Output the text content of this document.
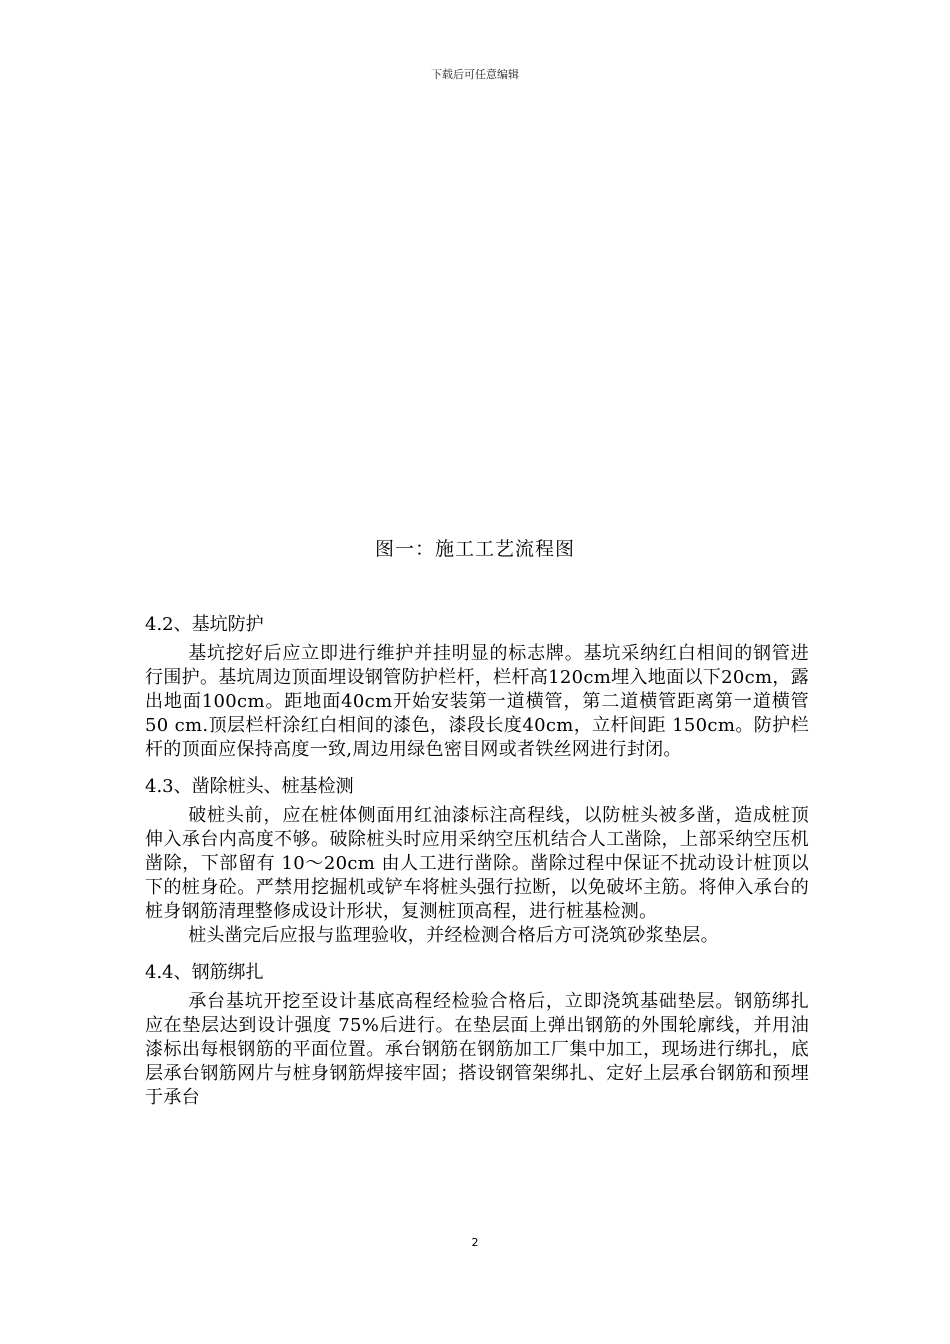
下载后可任意编辑
图一：施工工艺流程图
4.2、基坑防护

基坑挖好后应立即进行维护并挂明显的标志牌。基坑采纳红白相间的钢管进行围护。基坑周边顶面埋设钢管防护栏杆，栏杆高120cm埋入地面以下20cm，露出地面100cm。距地面40cm开始安装第一道横管，第二道横管距离第一道横管 50 cm.顶层栏杆涂红白相间的漆色，漆段长度40cm，立杆间距 150cm。防护栏杆的顶面应保持高度一致,周边用绿色密目网或者铁丝网进行封闭。

4.3、凿除桩头、桩基检测

破桩头前，应在桩体侧面用红油漆标注高程线，以防桩头被多凿，造成桩顶伸入承台内高度不够。破除桩头时应用采纳空压机结合人工凿除，上部采纳空压机凿除，下部留有 10～20cm 由人工进行凿除。凿除过程中保证不扰动设计桩顶以下的桩身砼。严禁用挖掘机或铲车将桩头强行拉断，以免破坏主筋。将伸入承台的桩身钢筋清理整修成设计形状，复测桩顶高程，进行桩基检测。

桩头凿完后应报与监理验收，并经检测合格后方可浇筑砂浆垫层。

4.4、钢筋绑扎

承台基坑开挖至设计基底高程经检验合格后，立即浇筑基础垫层。钢筋绑扎应在垫层达到设计强度 75%后进行。在垫层面上弹出钢筋的外围轮廓线，并用油漆标出每根钢筋的平面位置。承台钢筋在钢筋加工厂集中加工，现场进行绑扎，底层承台钢筋网片与桩身钢筋焊接牢固；搭设钢管架绑扎、定好上层承台钢筋和预埋于承台

2
